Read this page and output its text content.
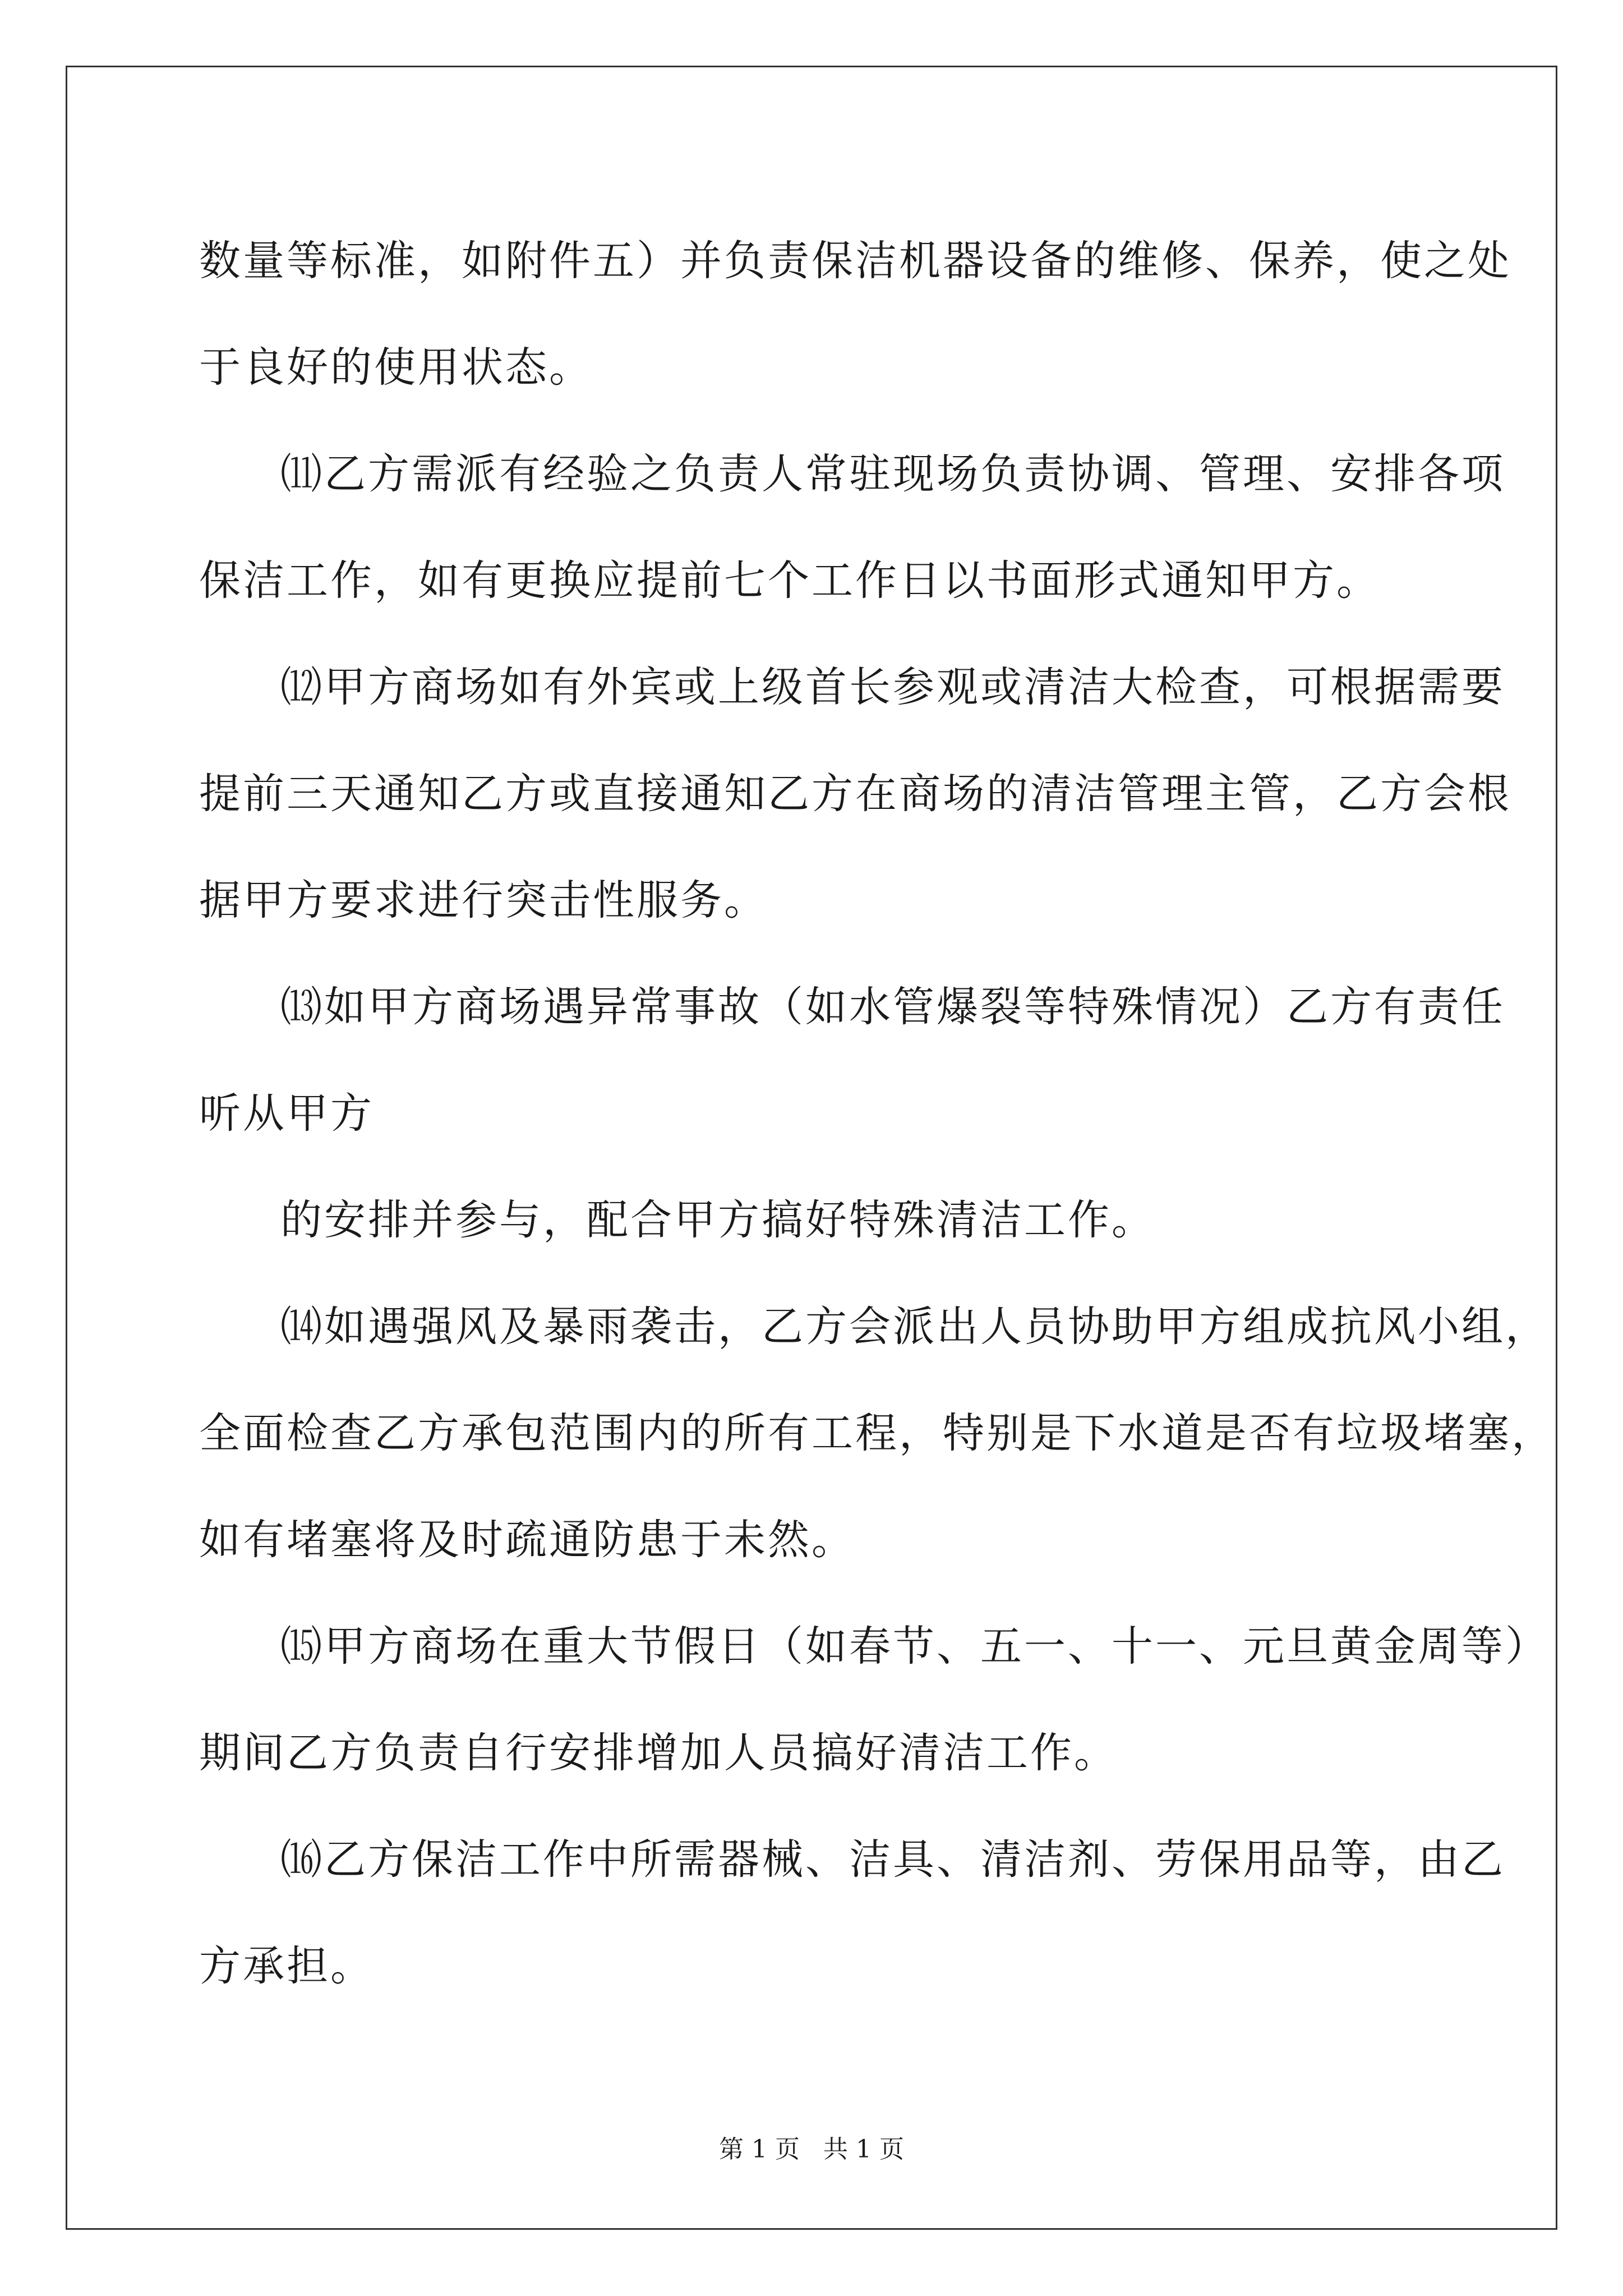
数量等标准，如附件五）并负责保洁机器设备的维修、保养，使之处
于良好的使用状态。
⑾乙方需派有经验之负责人常驻现场负责协调、管理、安排各项
保洁工作，如有更换应提前七个工作日以书面形式通知甲方。
⑿甲方商场如有外宾或上级首长参观或清洁大检查，可根据需要
提前三天通知乙方或直接通知乙方在商场的清洁管理主管，乙方会根
据甲方要求进行突击性服务。
⒀如甲方商场遇异常事故（如水管爆裂等特殊情况）乙方有责任
听从甲方
的安排并参与，配合甲方搞好特殊清洁工作。
⒁如遇强风及暴雨袭击，乙方会派出人员协助甲方组成抗风小组，
全面检查乙方承包范围内的所有工程，特别是下水道是否有垃圾堵塞，
如有堵塞将及时疏通防患于未然。
⒂甲方商场在重大节假日（如春节、五一、十一、元旦黄金周等）
期间乙方负责自行安排增加人员搞好清洁工作。
⒃乙方保洁工作中所需器械、洁具、清洁剂、劳保用品等，由乙
方承担。
第 1 页 共 1 页
